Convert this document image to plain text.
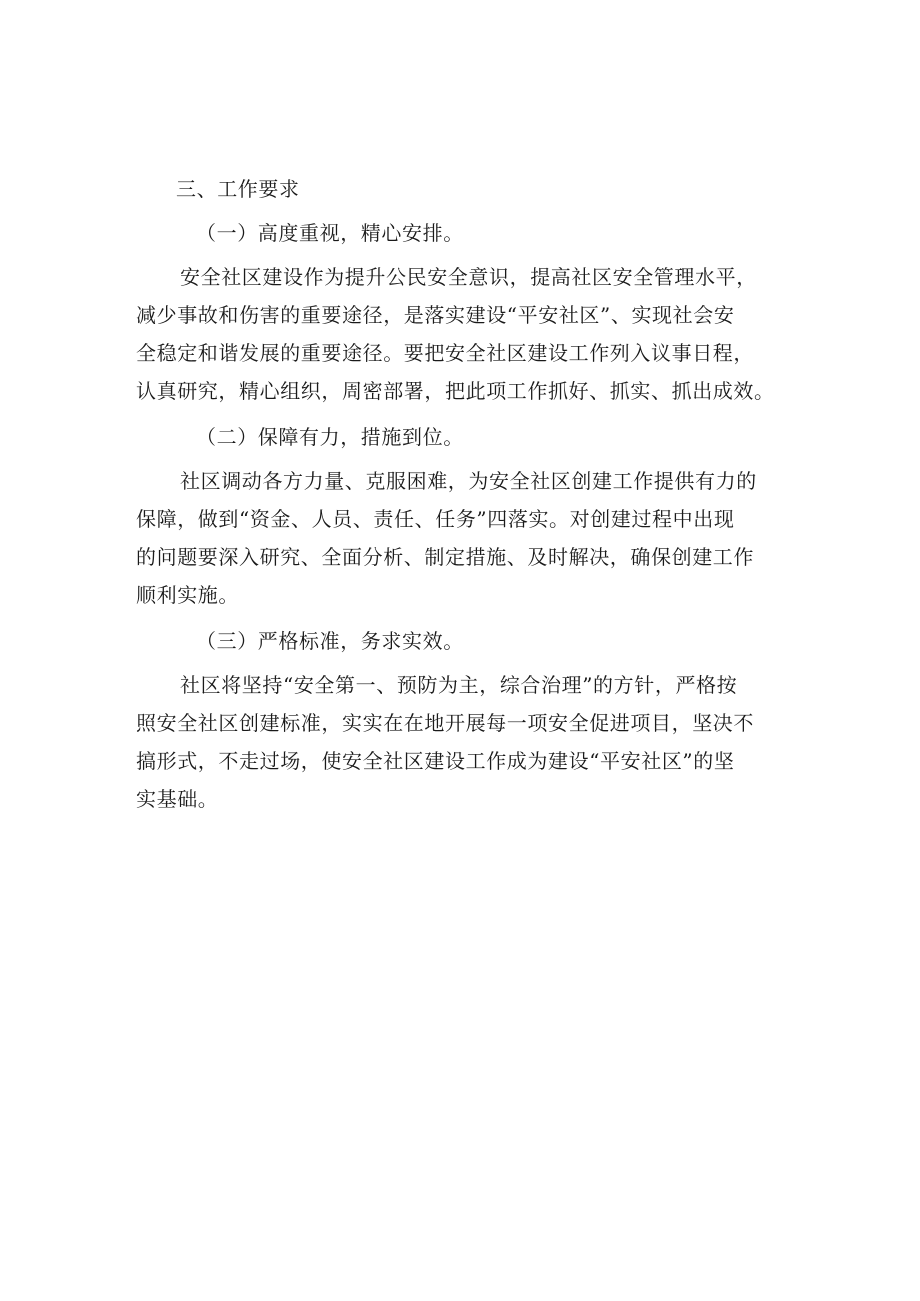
三、工作要求
（一）高度重视，精心安排。
安全社区建设作为提升公民安全意识，提高社区安全管理水平，
减少事故和伤害的重要途径，是落实建设“平安社区”、实现社会安
全稳定和谐发展的重要途径。要把安全社区建设工作列入议事日程，
认真研究，精心组织，周密部署，把此项工作抓好、抓实、抓出成效。
（二）保障有力，措施到位。
社区调动各方力量、克服困难，为安全社区创建工作提供有力的
保障，做到“资金、人员、责任、任务”四落实。对创建过程中出现
的问题要深入研究、全面分析、制定措施、及时解决，确保创建工作
顺利实施。
（三）严格标准，务求实效。
社区将坚持“安全第一、预防为主，综合治理”的方针，严格按
照安全社区创建标准，实实在在地开展每一项安全促进项目，坚决不
搞形式，不走过场，使安全社区建设工作成为建设“平安社区”的坚
实基础。
